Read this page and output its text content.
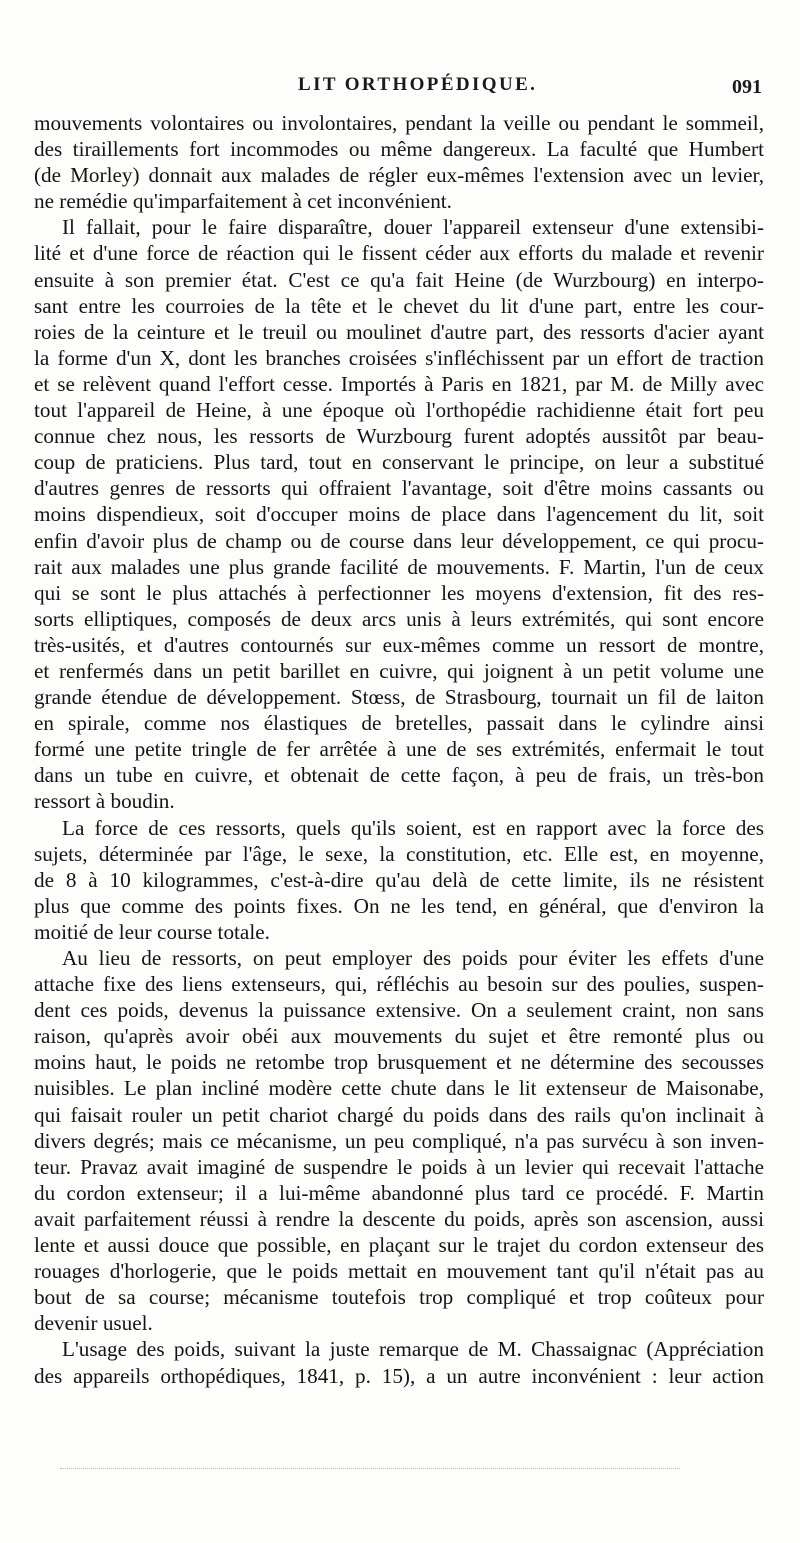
LIT ORTHOPÉDIQUE.	091

mouvements volontaires ou involontaires, pendant la veille ou pendant le sommeil,
des tiraillements fort incommodes ou même dangereux. La faculté que Humbert
(de Morley) donnait aux malades de régler eux-mêmes l'extension avec un levier,
ne remédie qu'imparfaitement à cet inconvénient.

Il fallait, pour le faire disparaître, douer l'appareil extenseur d'une extensibi-
lité et d'une force de réaction qui le fissent céder aux efforts du malade et revenir
ensuite à son premier état. C'est ce qu'a fait Heine (de Wurzbourg) en interpo-
sant entre les courroies de la tête et le chevet du lit d'une part, entre les cour-
roies de la ceinture et le treuil ou moulinet d'autre part, des ressorts d'acier ayant
la forme d'un X, dont les branches croisées s'infléchissent par un effort de traction
et se relèvent quand l'effort cesse. Importés à Paris en 1821, par M. de Milly avec
tout l'appareil de Heine, à une époque où l'orthopédie rachidienne était fort peu
connue chez nous, les ressorts de Wurzbourg furent adoptés aussitôt par beau-
coup de praticiens. Plus tard, tout en conservant le principe, on leur a substitué
d'autres genres de ressorts qui offraient l'avantage, soit d'être moins cassants ou
moins dispendieux, soit d'occuper moins de place dans l'agencement du lit, soit
enfin d'avoir plus de champ ou de course dans leur développement, ce qui procu-
rait aux malades une plus grande facilité de mouvements. F. Martin, l'un de ceux
qui se sont le plus attachés à perfectionner les moyens d'extension, fit des res-
sorts elliptiques, composés de deux arcs unis à leurs extrémités, qui sont encore
très-usités, et d'autres contournés sur eux-mêmes comme un ressort de montre,
et renfermés dans un petit barillet en cuivre, qui joignent à un petit volume une
grande étendue de développement. Stœss, de Strasbourg, tournait un fil de laiton
en spirale, comme nos élastiques de bretelles, passait dans le cylindre ainsi
formé une petite tringle de fer arrêtée à une de ses extrémités, enfermait le tout
dans un tube en cuivre, et obtenait de cette façon, à peu de frais, un très-bon
ressort à boudin.

La force de ces ressorts, quels qu'ils soient, est en rapport avec la force des
sujets, déterminée par l'âge, le sexe, la constitution, etc. Elle est, en moyenne,
de 8 à 10 kilogrammes, c'est-à-dire qu'au delà de cette limite, ils ne résistent
plus que comme des points fixes. On ne les tend, en général, que d'environ la
moitié de leur course totale.

Au lieu de ressorts, on peut employer des poids pour éviter les effets d'une
attache fixe des liens extenseurs, qui, réfléchis au besoin sur des poulies, suspen-
dent ces poids, devenus la puissance extensive. On a seulement craint, non sans
raison, qu'après avoir obéi aux mouvements du sujet et être remonté plus ou
moins haut, le poids ne retombe trop brusquement et ne détermine des secousses
nuisibles. Le plan incliné modère cette chute dans le lit extenseur de Maisonabe,
qui faisait rouler un petit chariot chargé du poids dans des rails qu'on inclinait à
divers degrés; mais ce mécanisme, un peu compliqué, n'a pas survécu à son inven-
teur. Pravaz avait imaginé de suspendre le poids à un levier qui recevait l'attache
du cordon extenseur; il a lui-même abandonné plus tard ce procédé. F. Martin
avait parfaitement réussi à rendre la descente du poids, après son ascension, aussi
lente et aussi douce que possible, en plaçant sur le trajet du cordon extenseur des
rouages d'horlogerie, que le poids mettait en mouvement tant qu'il n'était pas au
bout de sa course; mécanisme toutefois trop compliqué et trop coûteux pour
devenir usuel.

L'usage des poids, suivant la juste remarque de M. Chassaignac (Appréciation
des appareils orthopédiques, 1841, p. 15), a un autre inconvénient : leur action
